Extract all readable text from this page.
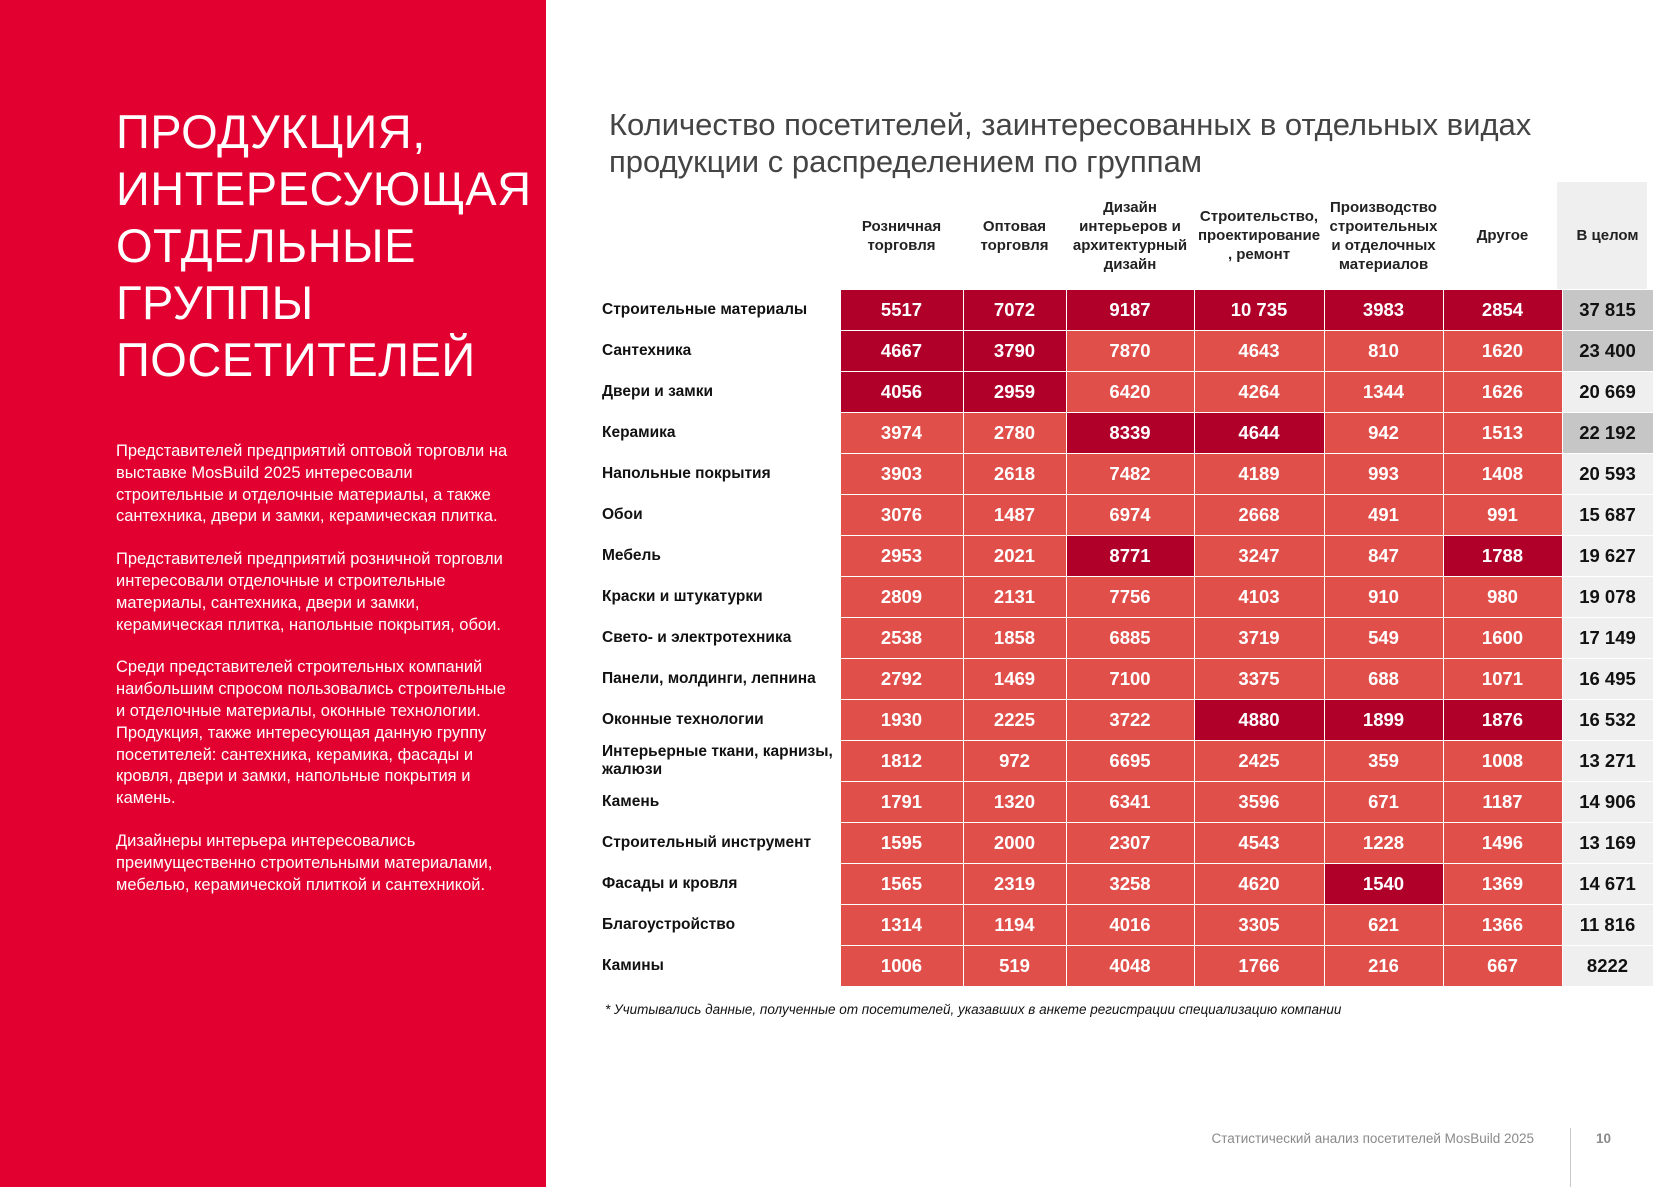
ПРОДУКЦИЯ, ИНТЕРЕСУЮЩАЯ ОТДЕЛЬНЫЕ ГРУППЫ ПОСЕТИТЕЛЕЙ

Представителей предприятий оптовой торговли на выставке MosBuild 2025 интересовали строительные и отделочные материалы, а также сантехника, двери и замки, керамическая плитка.

Представителей предприятий розничной торговли интересовали отделочные и строительные материалы, сантехника, двери и замки, керамическая плитка, напольные покрытия, обои.

Среди представителей строительных компаний наибольшим спросом пользовались строительные и отделочные материалы, оконные технологии. Продукция, также интересующая данную группу посетителей: сантехника, керамика, фасады и кровля, двери и замки, напольные покрытия и камень.

Дизайнеры интерьера интересовались преимущественно строительными материалами, мебелью, керамической плиткой и сантехникой.

Количество посетителей, заинтересованных в отдельных видах продукции с распределением по группам
	Розничная торговля	Оптовая торговля	Дизайн интерьеров и архитектурный дизайн	Строительство, проектирование , ремонт	Производство строительных и отделочных материалов	Другое	В целом
Строительные материалы	5517	7072	9187	10 735	3983	2854	37 815
Сантехника	4667	3790	7870	4643	810	1620	23 400
Двери и замки	4056	2959	6420	4264	1344	1626	20 669
Керамика	3974	2780	8339	4644	942	1513	22 192
Напольные покрытия	3903	2618	7482	4189	993	1408	20 593
Обои	3076	1487	6974	2668	491	991	15 687
Мебель	2953	2021	8771	3247	847	1788	19 627
Краски и штукатурки	2809	2131	7756	4103	910	980	19 078
Свето- и электротехника	2538	1858	6885	3719	549	1600	17 149
Панели, молдинги, лепнина	2792	1469	7100	3375	688	1071	16 495
Оконные технологии	1930	2225	3722	4880	1899	1876	16 532
Интерьерные ткани, карнизы, жалюзи	1812	972	6695	2425	359	1008	13 271
Камень	1791	1320	6341	3596	671	1187	14 906
Строительный инструмент	1595	2000	2307	4543	1228	1496	13 169
Фасады и кровля	1565	2319	3258	4620	1540	1369	14 671
Благоустройство	1314	1194	4016	3305	621	1366	11 816
Камины	1006	519	4048	1766	216	667	8222
* Учитывались данные, полученные от посетителей, указавших в анкете регистрации специализацию компании
Статистический анализ посетителей MosBuild 2025	10
